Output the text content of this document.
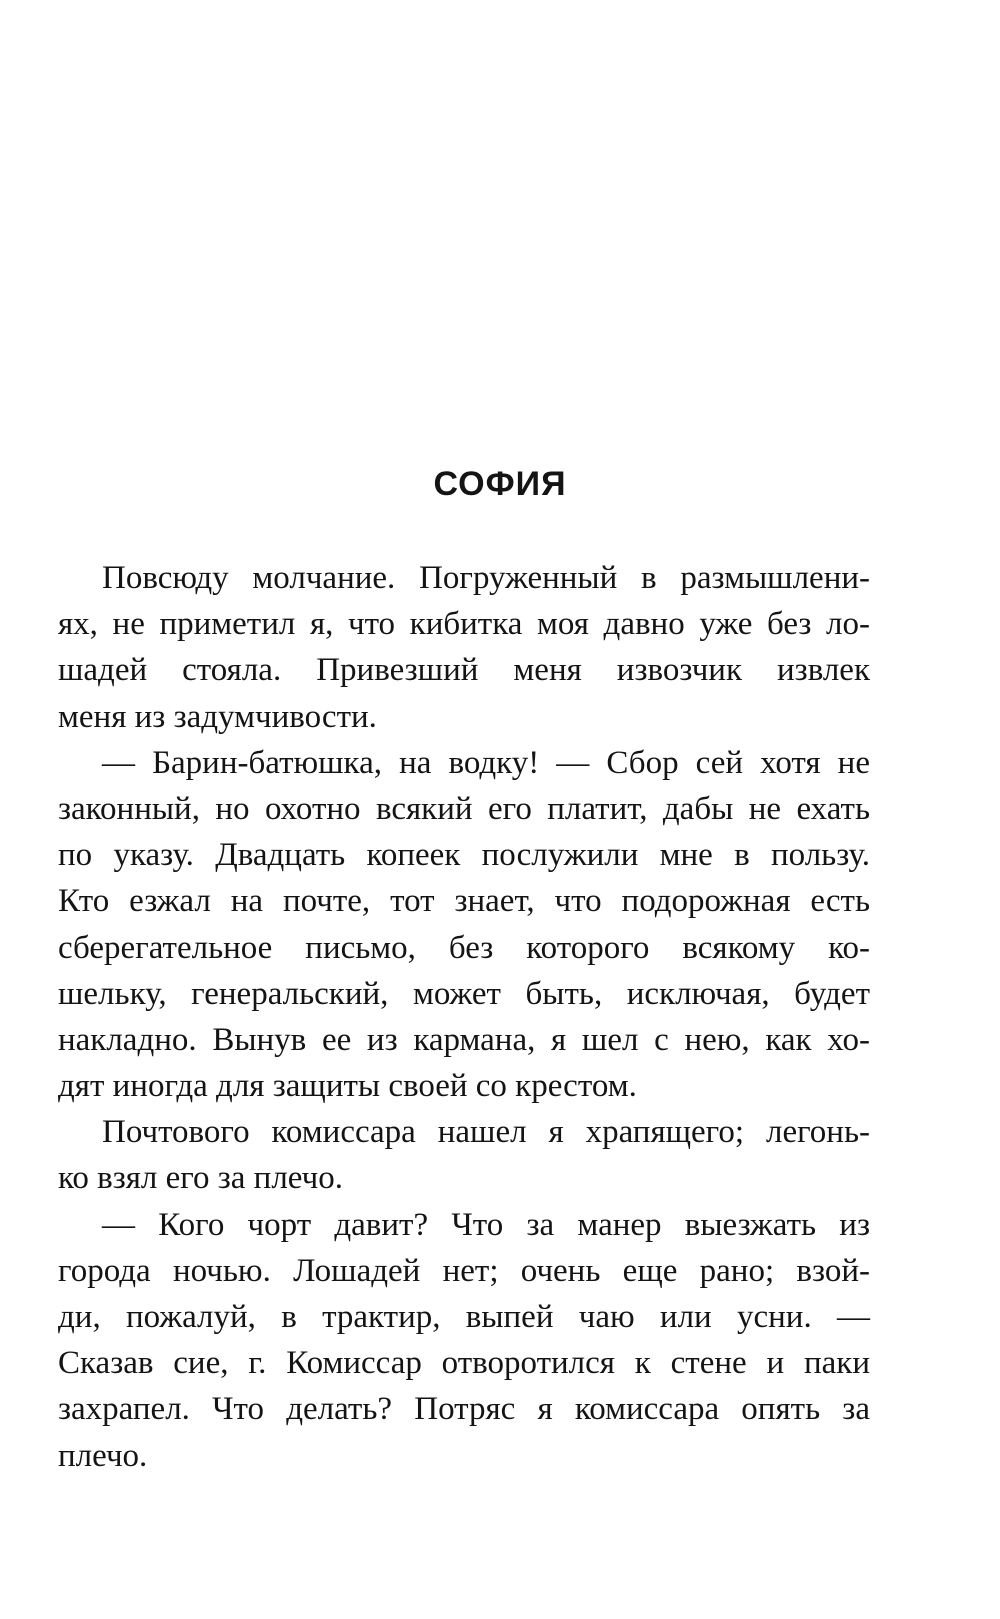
СОФИЯ
Повсюду молчание. Погруженный в размышлени-
ях, не приметил я, что кибитка моя давно уже без ло-
шадей стояла. Привезший меня извозчик извлек
меня из задумчивости.
— Барин-батюшка, на водку! — Сбор сей хотя не
законный, но охотно всякий его платит, дабы не ехать
по указу. Двадцать копеек послужили мне в пользу.
Кто езжал на почте, тот знает, что подорожная есть
сберегательное письмо, без которого всякому ко-
шельку, генеральский, может быть, исключая, будет
накладно. Вынув ее из кармана, я шел с нею, как хо-
дят иногда для защиты своей со крестом.
Почтового комиссара нашел я храпящего; легонь-
ко взял его за плечо.
— Кого чорт давит? Что за манер выезжать из
города ночью. Лошадей нет; очень еще рано; взой-
ди, пожалуй, в трактир, выпей чаю или усни. —
Сказав сие, г. Комиссар отворотился к стене и паки
захрапел. Что делать? Потряс я комиссара опять за
плечо.
